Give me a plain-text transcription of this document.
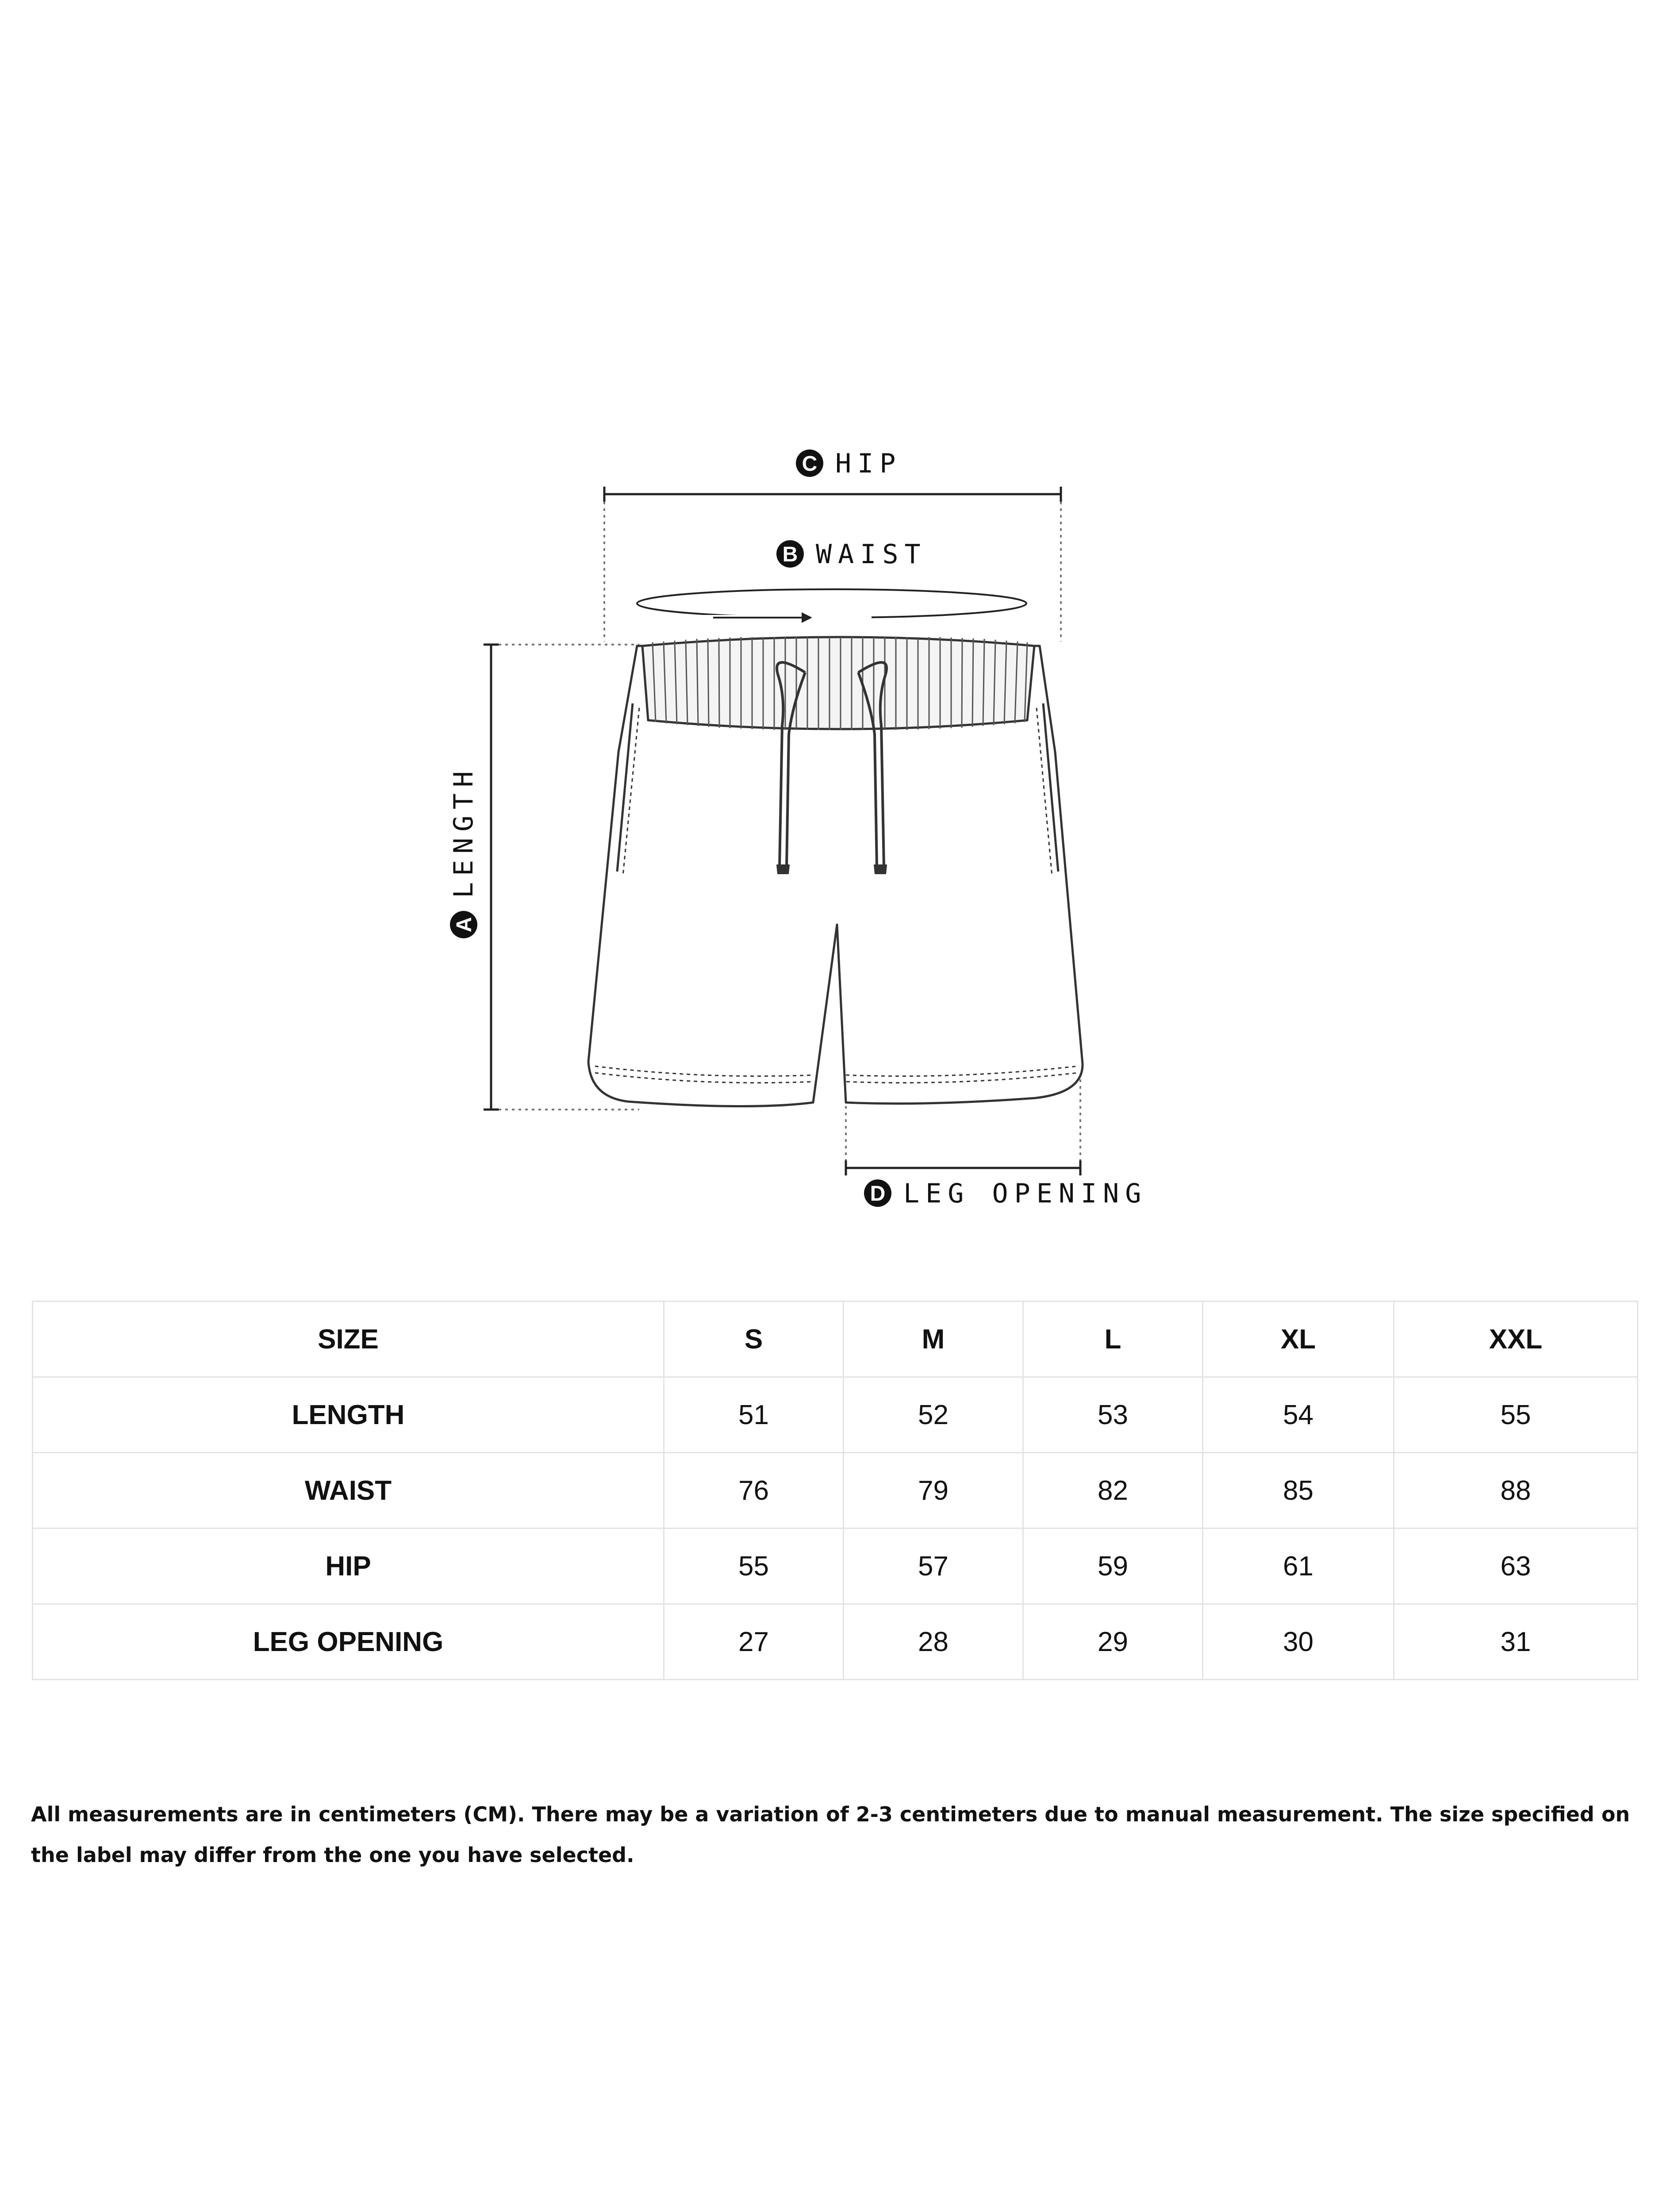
C HIP
B WAIST
A
LENGTH
D LEG OPENING
SIZE	S	M	L	XL	XXL
LENGTH	51	52	53	54	55
WAIST	76	79	82	85	88
HIP	55	57	59	61	63
LEG OPENING	27	28	29	30	31

All measurements are in centimeters (CM). There may be a variation of 2-3 centimeters due to manual measurement. The size specified on the label may differ from the one you have selected.
